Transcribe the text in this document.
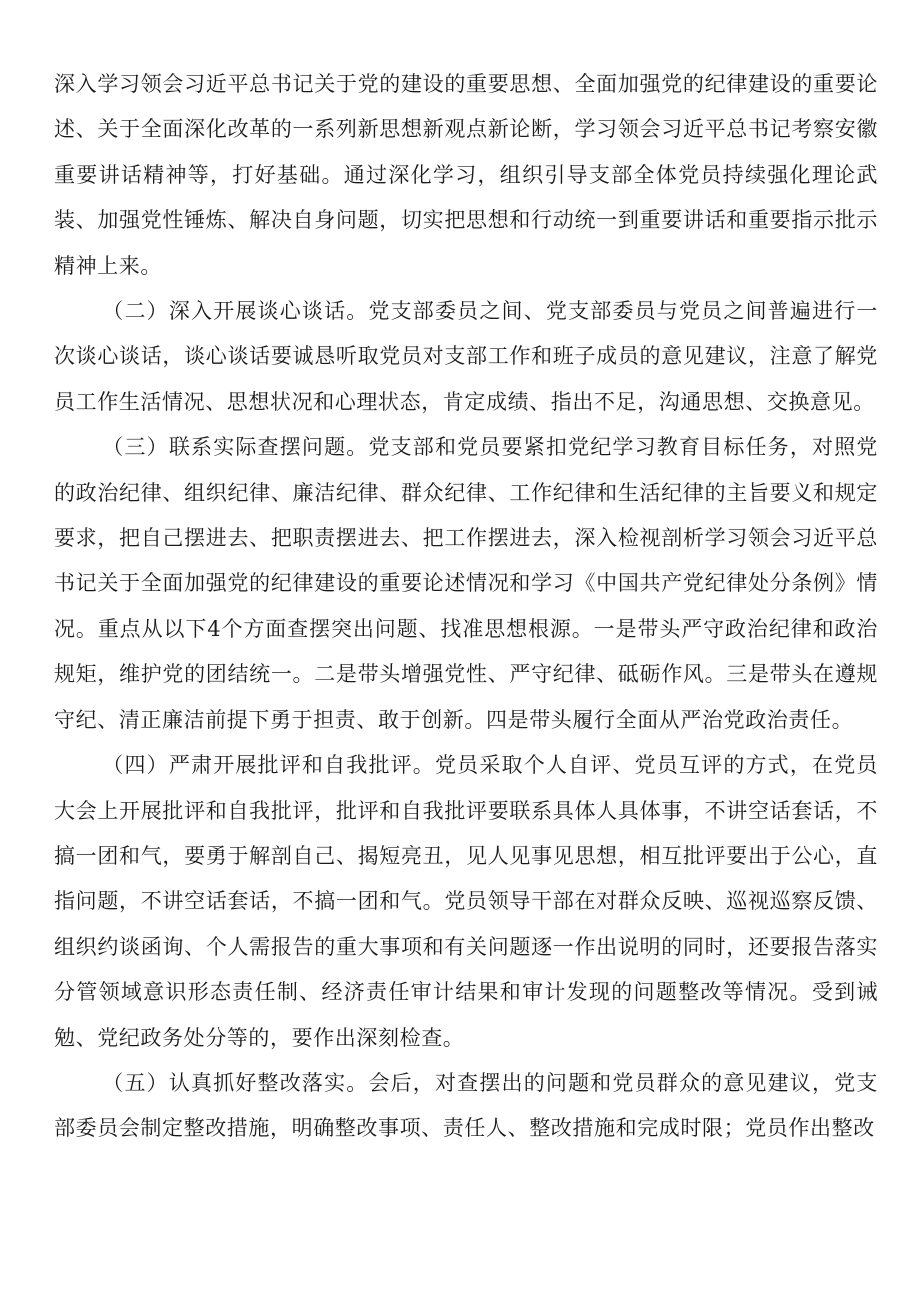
深入学习领会习近平总书记关于党的建设的重要思想、全面加强党的纪律建设的重要论述、关于全面深化改革的一系列新思想新观点新论断，学习领会习近平总书记考察安徽重要讲话精神等，打好基础。通过深化学习，组织引导支部全体党员持续强化理论武装、加强党性锤炼、解决自身问题，切实把思想和行动统一到重要讲话和重要指示批示精神上来。

（二）深入开展谈心谈话。党支部委员之间、党支部委员与党员之间普遍进行一次谈心谈话，谈心谈话要诚恳听取党员对支部工作和班子成员的意见建议，注意了解党员工作生活情况、思想状况和心理状态，肯定成绩、指出不足，沟通思想、交换意见。

（三）联系实际查摆问题。党支部和党员要紧扣党纪学习教育目标任务，对照党的政治纪律、组织纪律、廉洁纪律、群众纪律、工作纪律和生活纪律的主旨要义和规定要求，把自己摆进去、把职责摆进去、把工作摆进去，深入检视剖析学习领会习近平总书记关于全面加强党的纪律建设的重要论述情况和学习《中国共产党纪律处分条例》情况。重点从以下4个方面查摆突出问题、找准思想根源。一是带头严守政治纪律和政治规矩，维护党的团结统一。二是带头增强党性、严守纪律、砥砺作风。三是带头在遵规守纪、清正廉洁前提下勇于担责、敢于创新。四是带头履行全面从严治党政治责任。

（四）严肃开展批评和自我批评。党员采取个人自评、党员互评的方式，在党员大会上开展批评和自我批评，批评和自我批评要联系具体人具体事，不讲空话套话，不搞一团和气，要勇于解剖自己、揭短亮丑，见人见事见思想，相互批评要出于公心，直指问题，不讲空话套话，不搞一团和气。党员领导干部在对群众反映、巡视巡察反馈、组织约谈函询、个人需报告的重大事项和有关问题逐一作出说明的同时，还要报告落实分管领域意识形态责任制、经济责任审计结果和审计发现的问题整改等情况。受到诫勉、党纪政务处分等的，要作出深刻检查。

（五）认真抓好整改落实。会后，对查摆出的问题和党员群众的意见建议，党支部委员会制定整改措施，明确整改事项、责任人、整改措施和完成时限；党员作出整改
